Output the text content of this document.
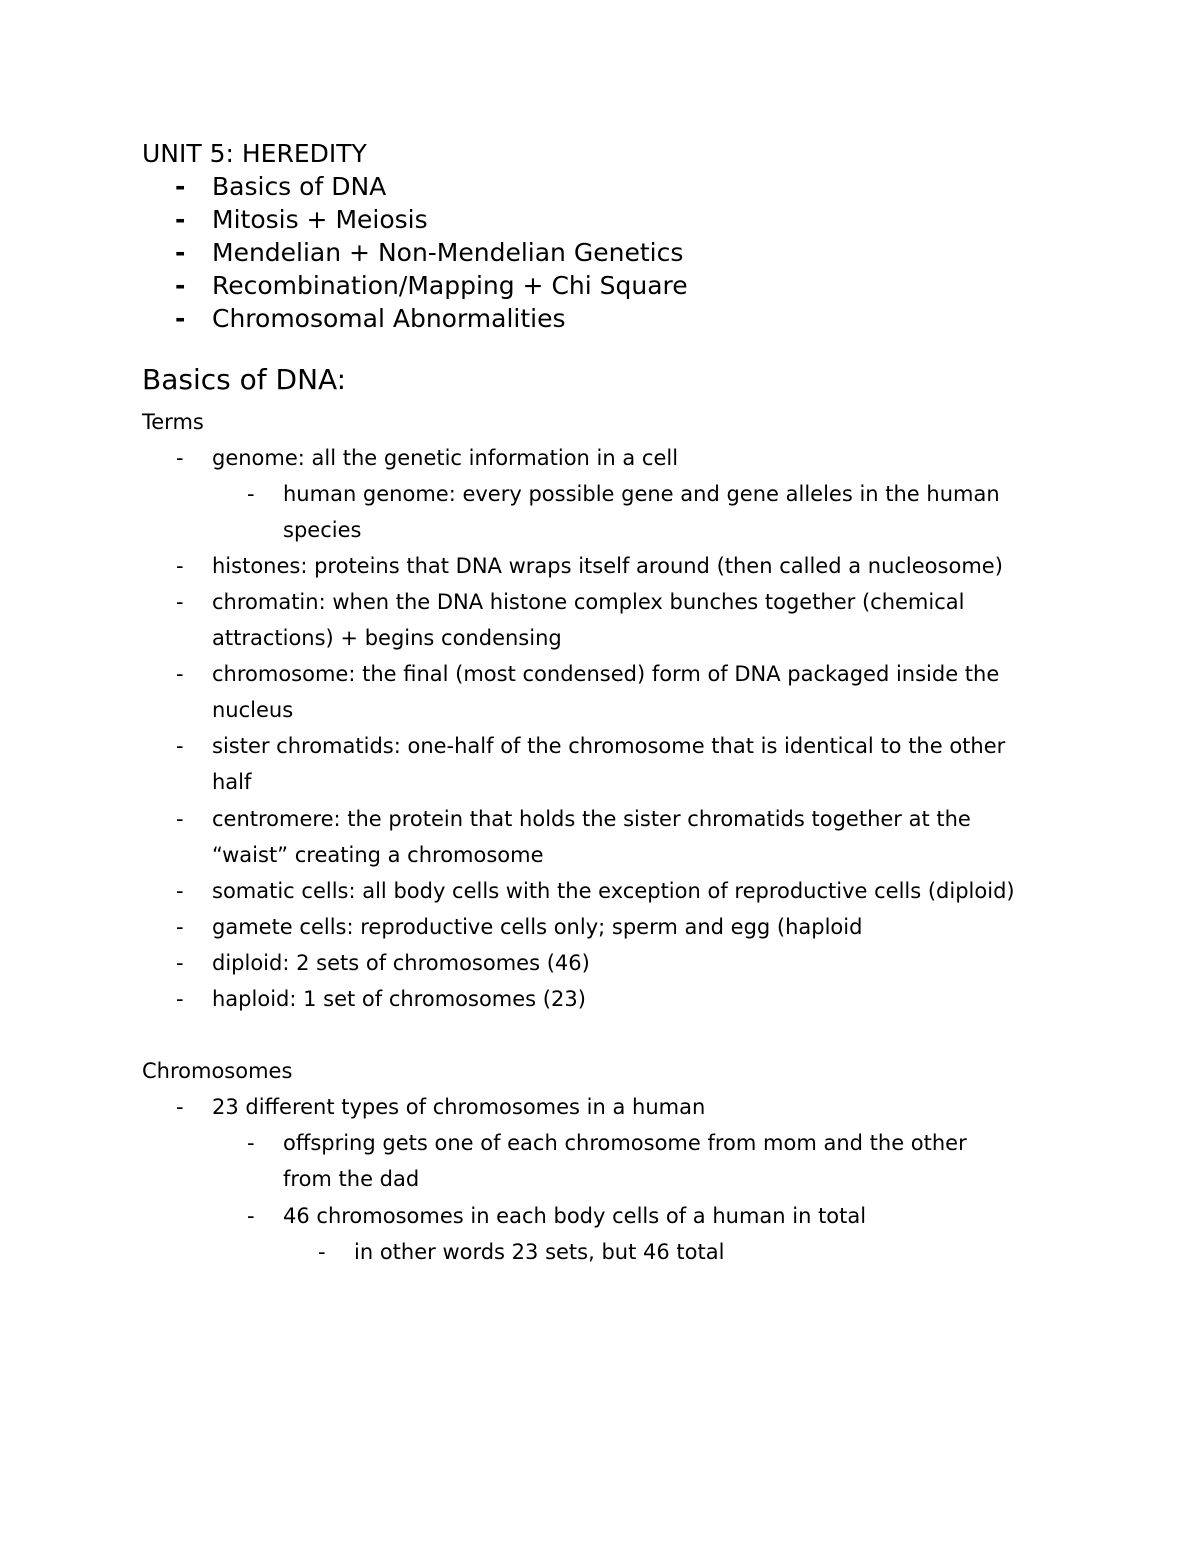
UNIT 5: HEREDITY
- Basics of DNA
- Mitosis + Meiosis
- Mendelian + Non-Mendelian Genetics
- Recombination/Mapping + Chi Square
- Chromosomal Abnormalities
Basics of DNA:
Terms
- genome: all the genetic information in a cell
- human genome: every possible gene and gene alleles in the human
species
- histones: proteins that DNA wraps itself around (then called a nucleosome)
- chromatin: when the DNA histone complex bunches together (chemical
attractions) + begins condensing
- chromosome: the final (most condensed) form of DNA packaged inside the
nucleus
- sister chromatids: one-half of the chromosome that is identical to the other
half
- centromere: the protein that holds the sister chromatids together at the
“waist” creating a chromosome
- somatic cells: all body cells with the exception of reproductive cells (diploid)
- gamete cells: reproductive cells only; sperm and egg (haploid
- diploid: 2 sets of chromosomes (46)
- haploid: 1 set of chromosomes (23)
Chromosomes
- 23 different types of chromosomes in a human
- offspring gets one of each chromosome from mom and the other
from the dad
- 46 chromosomes in each body cells of a human in total
- in other words 23 sets, but 46 total
